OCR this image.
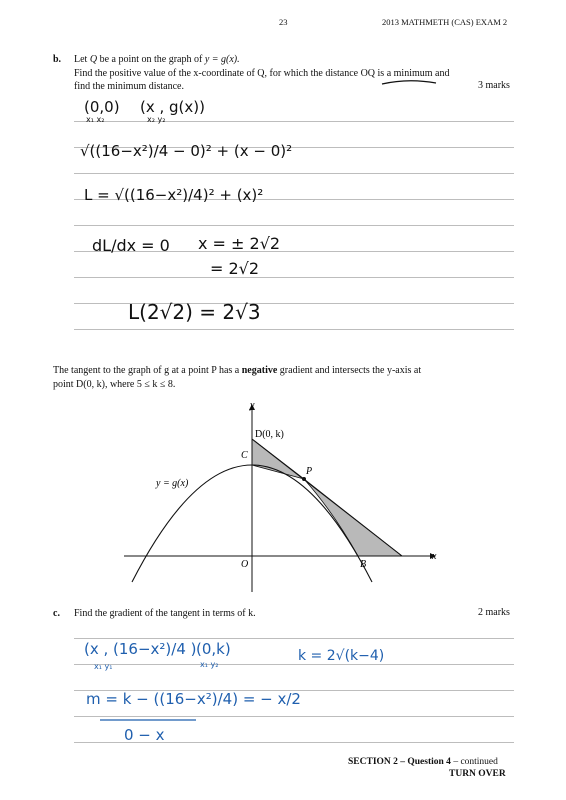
23	2013 MATHMETH (CAS) EXAM 2
b. Let Q be a point on the graph of y = g(x).
Find the positive value of the x-coordinate of Q, for which the distance OQ is a minimum and
find the minimum distance.	3 marks
(0,0)
x₁ x₂
(x , g(x))
x₂ y₂
√((16−x²)/4 − 0)² + (x − 0)²
L = √((16−x²)/4)² + (x)²
dL/dx = 0 x = ± 2√2
= 2√2
L(2√2) = 2√3
The tangent to the graph of g at a point P has a negative gradient and intersects the y-axis at
point D(0, k), where 5 ≤ k ≤ 8.
y
x
O
D(0, k)
C
P
B
y = g(x)
c. Find the gradient of the tangent in terms of k.	2 marks
(x , (16−x²)/4 )
x₁ y₁
(0,k)
x₁ y₂
k = 2√(k−4)
m = k − ((16−x²)/4) = − x/2
0 − x
SECTION 2 – Question 4 – continued
TURN OVER
